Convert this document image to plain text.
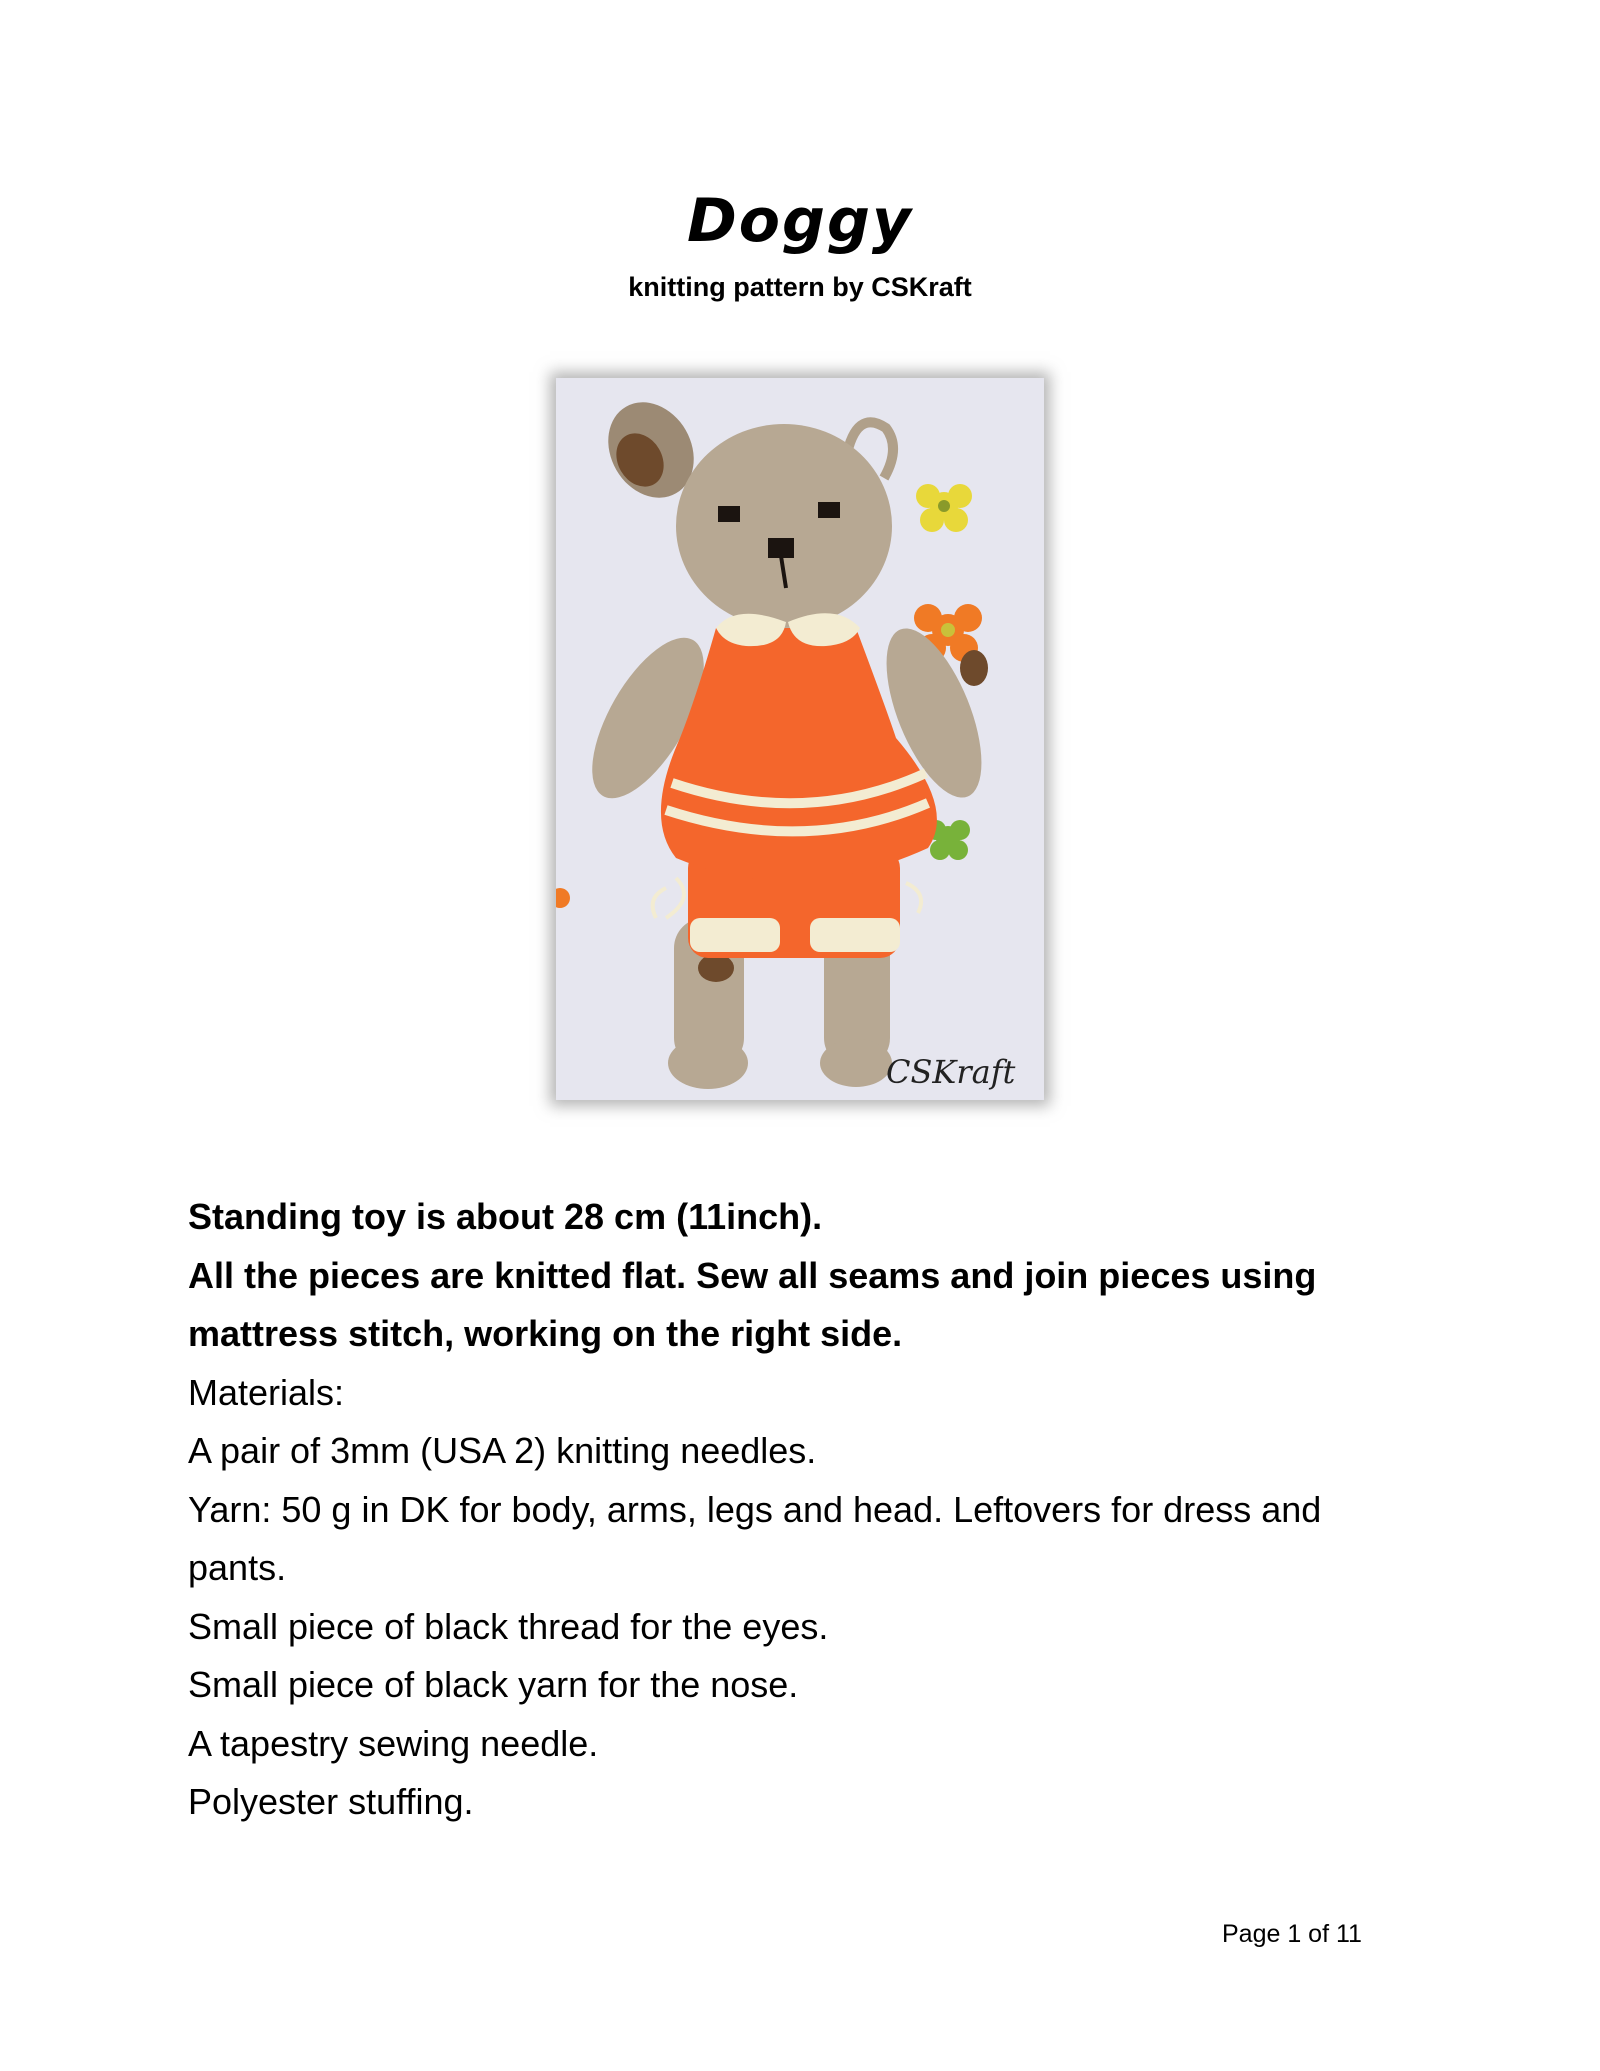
Doggy
knitting pattern by CSKraft
CSKraft

Standing toy is about 28 cm (11inch).

All the pieces are knitted flat. Sew all seams and join pieces using mattress stitch, working on the right side.

Materials:

A pair of 3mm (USA 2) knitting needles.

Yarn: 50 g in DK for body, arms, legs and head. Leftovers for dress and pants.

Small piece of black thread for the eyes.

Small piece of black yarn for the nose.

A tapestry sewing needle.

Polyester stuffing.

Page 1 of 11
